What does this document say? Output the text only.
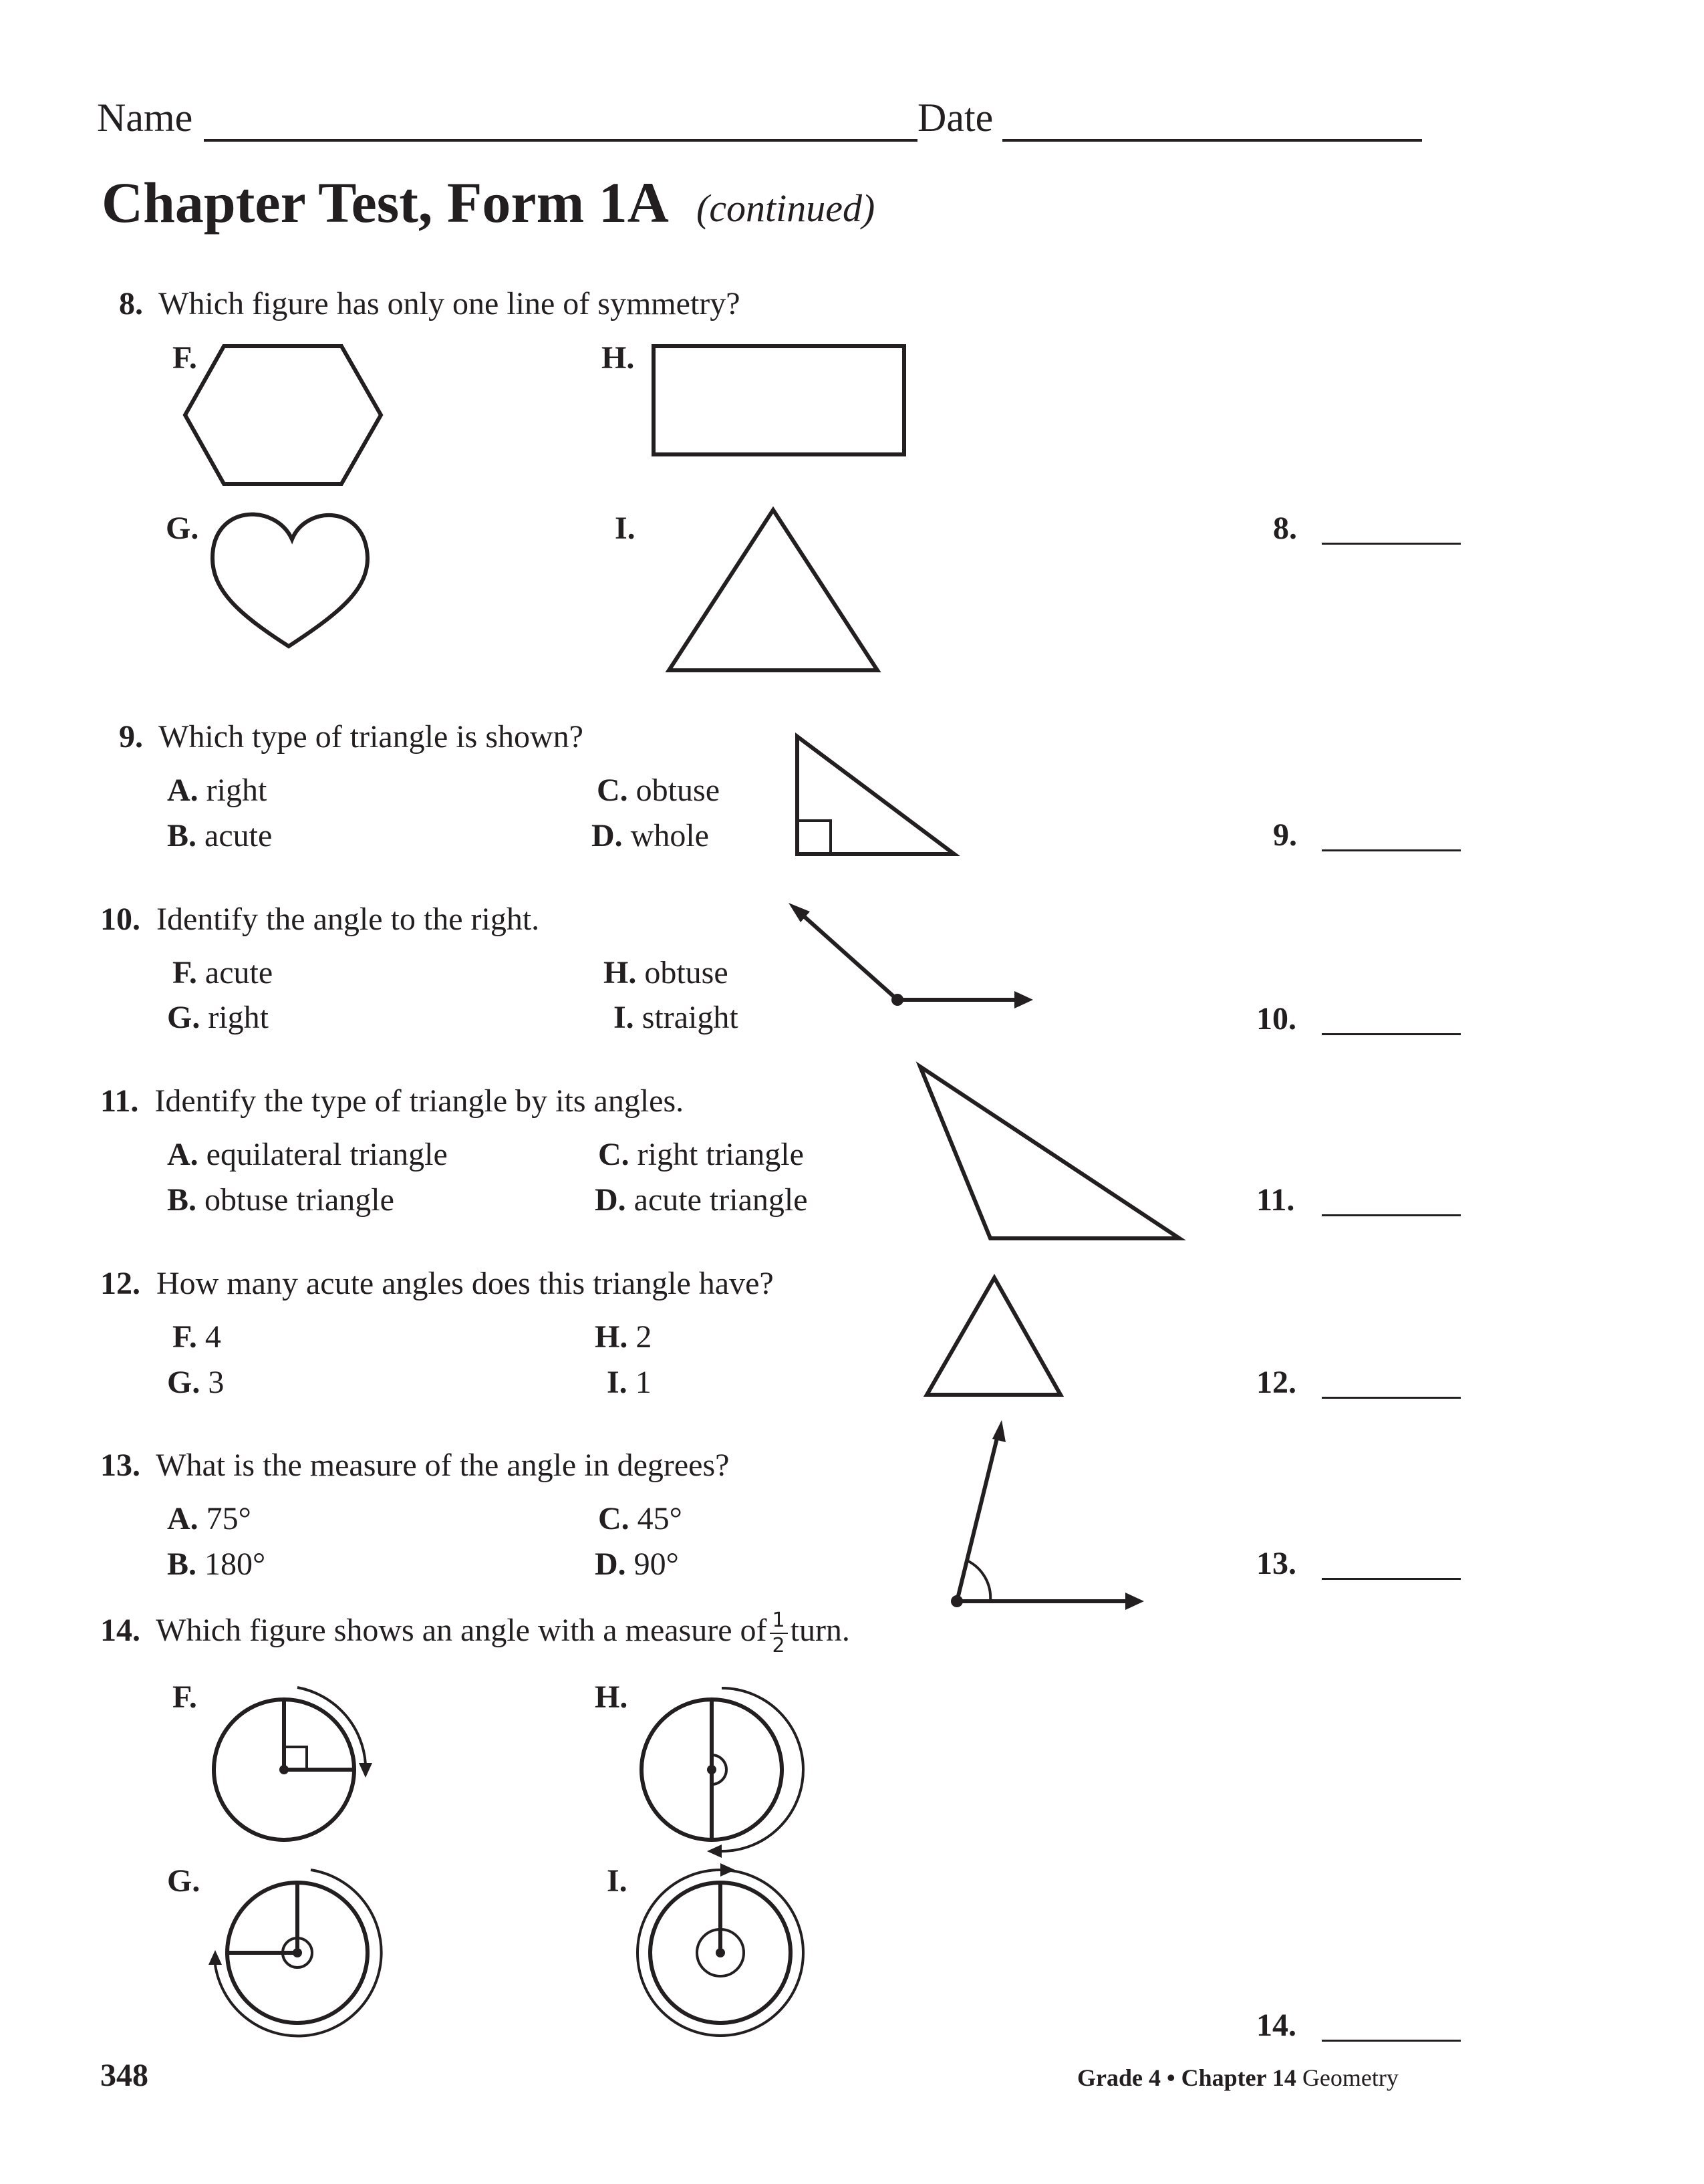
Name	Date
Chapter Test, Form 1A (continued)
8. Which figure has only one line of symmetry?
F.	H.
G.	I.	8.
9. Which type of triangle is shown?
A. right
B. acute
C. obtuse
D. whole	9.
10. Identify the angle to the right.
F. acute
G. right
H. obtuse
I. straight	10.
11. Identify the type of triangle by its angles.
A. equilateral triangle
B. obtuse triangle
C. right triangle
D. acute triangle	11.
12. How many acute angles does this triangle have?
F. 4
G. 3
H. 2
I. 1	12.
13. What is the measure of the angle in degrees?
A. 75°
B. 180°
C. 45°
D. 90°	13.
14. Which figure shows an angle with a measure of $\frac{1}{2}$ turn.
F.	H.
G.	I.
14.
348	Grade 4 • Chapter 14 Geometry
